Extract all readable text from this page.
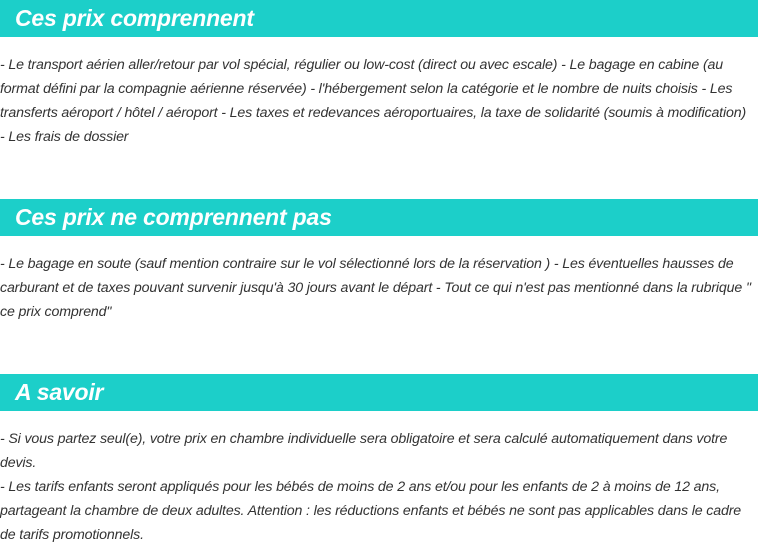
Ces prix comprennent

- Le transport aérien aller/retour par vol spécial, régulier ou low-cost (direct ou avec escale) - Le bagage en cabine (au format défini par la compagnie aérienne réservée) - l'hébergement selon la catégorie et le nombre de nuits choisis - Les transferts aéroport / hôtel / aéroport - Les taxes et redevances aéroportuaires, la taxe de solidarité (soumis à modification) - Les frais de dossier

Ces prix ne comprennent pas

- Le bagage en soute (sauf mention contraire sur le vol sélectionné lors de la réservation ) - Les éventuelles hausses de carburant et de taxes pouvant survenir jusqu'à 30 jours avant le départ - Tout ce qui n'est pas mentionné dans la rubrique " ce prix comprend"

A savoir

- Si vous partez seul(e), votre prix en chambre individuelle sera obligatoire et sera calculé automatiquement dans votre devis.

- Les tarifs enfants seront appliqués pour les bébés de moins de 2 ans et/ou pour les enfants de 2 à moins de 12 ans, partageant la chambre de deux adultes. Attention : les réductions enfants et bébés ne sont pas applicables dans le cadre de tarifs promotionnels.
